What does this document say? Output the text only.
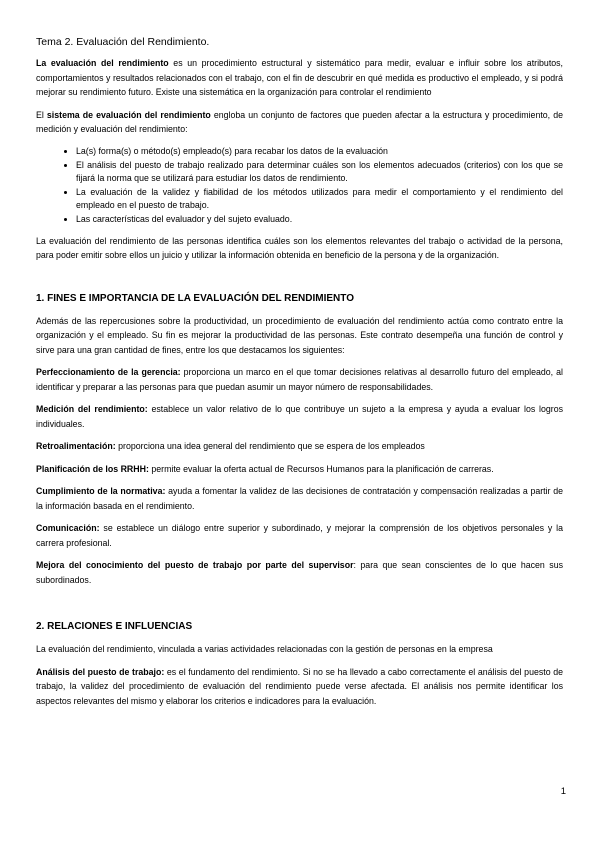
Tema 2. Evaluación del Rendimiento.

La evaluación del rendimiento es un procedimiento estructural y sistemático para medir, evaluar e influir sobre los atributos, comportamientos y resultados relacionados con el trabajo, con el fin de descubrir en qué medida es productivo el empleado, y si podrá mejorar su rendimiento futuro. Existe una sistemática en la organización para controlar el rendimiento

El sistema de evaluación del rendimiento engloba un conjunto de factores que pueden afectar a la estructura y procedimiento, de medición y evaluación del rendimiento:

• La(s) forma(s) o método(s) empleado(s) para recabar los datos de la evaluación
• El análisis del puesto de trabajo realizado para determinar cuáles son los elementos adecuados (criterios) con los que se fijará la norma que se utilizará para estudiar los datos de rendimiento.
• La evaluación de la validez y fiabilidad de los métodos utilizados para medir el comportamiento y el rendimiento del empleado en el puesto de trabajo.
• Las características del evaluador y del sujeto evaluado.

La evaluación del rendimiento de las personas identifica cuáles son los elementos relevantes del trabajo o actividad de la persona, para poder emitir sobre ellos un juicio y utilizar la información obtenida en beneficio de la persona y de la organización.

1. FINES E IMPORTANCIA DE LA EVALUACIÓN DEL RENDIMIENTO

Además de las repercusiones sobre la productividad, un procedimiento de evaluación del rendimiento actúa como contrato entre la organización y el empleado. Su fin es mejorar la productividad de las personas. Este contrato desempeña una función de control y sirve para una gran cantidad de fines, entre los que destacamos los siguientes:

Perfeccionamiento de la gerencia: proporciona un marco en el que tomar decisiones relativas al desarrollo futuro del empleado, al identificar y preparar a las personas para que puedan asumir un mayor número de responsabilidades.

Medición del rendimiento: establece un valor relativo de lo que contribuye un sujeto a la empresa y ayuda a evaluar los logros individuales.

Retroalimentación: proporciona una idea general del rendimiento que se espera de los empleados

Planificación de los RRHH: permite evaluar la oferta actual de Recursos Humanos para la planificación de carreras.

Cumplimiento de la normativa: ayuda a fomentar la validez de las decisiones de contratación y compensación realizadas a partir de la información basada en el rendimiento.

Comunicación: se establece un diálogo entre superior y subordinado, y mejorar la comprensión de los objetivos personales y la carrera profesional.

Mejora del conocimiento del puesto de trabajo por parte del supervisor: para que sean conscientes de lo que hacen sus subordinados.

2. RELACIONES E INFLUENCIAS

La evaluación del rendimiento, vinculada a varias actividades relacionadas con la gestión de personas en la empresa

Análisis del puesto de trabajo: es el fundamento del rendimiento. Si no se ha llevado a cabo correctamente el análisis del puesto de trabajo, la validez del procedimiento de evaluación del rendimiento puede verse afectada. El análisis nos permite identificar los aspectos relevantes del mismo y elaborar los criterios e indicadores para la evaluación.

1
